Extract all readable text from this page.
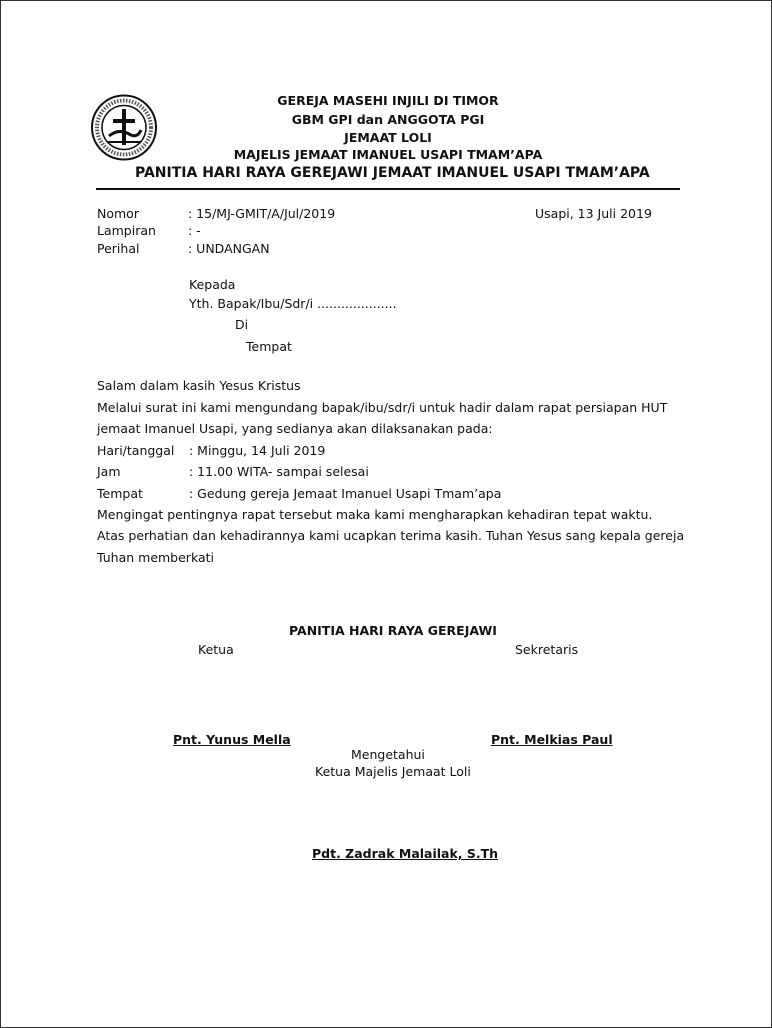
GEREJA MASEHI INJILI DI TIMOR
GBM GPI dan ANGGOTA PGI
JEMAAT LOLI
MAJELIS JEMAAT IMANUEL USAPI TMAM’APA
PANITIA HARI RAYA GEREJAWI JEMAAT IMANUEL USAPI TMAM’APA
Nomor	: 15/MJ-GMIT/A/Jul/2019	Usapi, 13 Juli 2019
Lampiran	: -
Perihal	: UNDANGAN
Kepada
Yth. Bapak/Ibu/Sdr/i ....................
Di
Tempat
Salam dalam kasih Yesus Kristus
Melalui surat ini kami mengundang bapak/ibu/sdr/i untuk hadir dalam rapat persiapan HUT
jemaat Imanuel Usapi, yang sedianya akan dilaksanakan pada:
Hari/tanggal : Minggu, 14 Juli 2019
Jam	: 11.00 WITA- sampai selesai
Tempat	: Gedung gereja Jemaat Imanuel Usapi Tmam’apa
Mengingat pentingnya rapat tersebut maka kami mengharapkan kehadiran tepat waktu.
Atas perhatian dan kehadirannya kami ucapkan terima kasih. Tuhan Yesus sang kepala gereja
Tuhan memberkati
PANITIA HARI RAYA GEREJAWI
Ketua	Sekretaris
Pnt. Yunus Mella	Pnt. Melkias Paul
Mengetahui
Ketua Majelis Jemaat Loli
Pdt. Zadrak Malailak, S.Th
